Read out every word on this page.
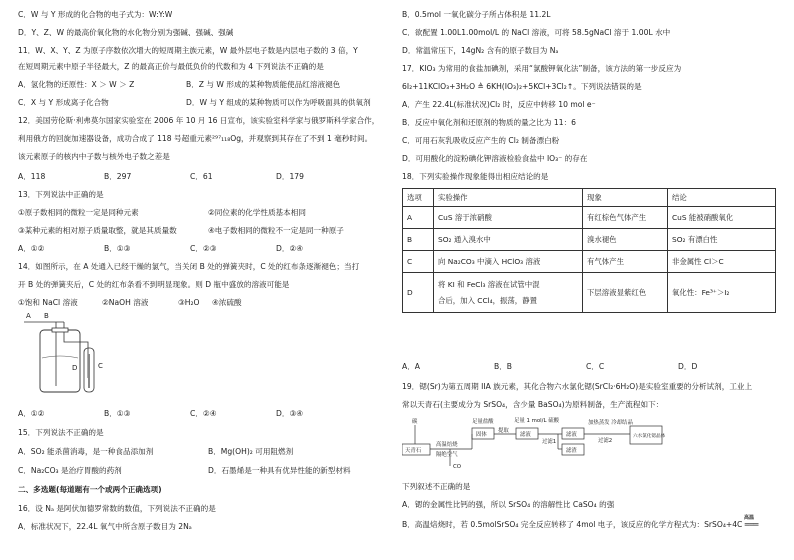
C．W 与 Y 形成的化合物的电子式为：W:Y:W
D．Y、Z、W 的最高价氧化物的水化物分别为强碱、强碱、强碱
11．W、X、Y、Z 为原子序数依次增大的短周期主族元素，W 最外层电子数是内层电子数的 3 倍，Y
在短周期元素中原子半径最大，Z 的最高正价与最低负价的代数和为 4 下列说法不正确的是
A．氢化物的还原性：X ＞ W ＞ Z	B．Z 与 W 形成的某种物质能使品红溶液褪色
C．X 与 Y 形成离子化合物	D．W 与 Y 组成的某种物质可以作为呼吸面具的供氧剂
12．美国劳伦斯·利弗莫尔国家实验室在 2006 年 10 月 16 日宣布，该实验室科学家与俄罗斯科学家合作，
利用俄方的回旋加速器设备，成功合成了 118 号超重元素²⁹⁷₁₁₈Og，并观察到其存在了不到 1 毫秒时间。
该元素原子的核内中子数与核外电子数之差是
A．118	B．297	C．61	D．179
13．下列说法中正确的是
①原子数相同的微粒一定是同种元素	②同位素的化学性质基本相同
③某种元素的相对原子质量取整，就是其质量数	④电子数相同的微粒不一定是同一种原子
A．①②	B．①③	C．②③	D．②④
14．如图所示，在 A 处通入已经干燥的氯气，当关闭 B 处的弹簧夹时，C 处的红布条逐渐褪色；当打
开 B 处的弹簧夹后，C 处的红布条看不到明显现象。则 D 瓶中盛放的溶液可能是
①饱和 NaCl 溶液	②NaOH 溶液	③H₂O ④浓硫酸
A B
C
D
A．①②	B．①③	C．②④	D．③④
15．下列说法不正确的是
A．SO₂ 能杀菌消毒，是一种食品添加剂	B．Mg(OH)₂ 可用阻燃剂
C．Na₂CO₃ 是治疗胃酸的药剂	D．石墨烯是一种具有优异性能的新型材料
二、多选题(每道题有一个或两个正确选项)
16．设 Nₐ 是阿伏加德罗常数的数值，下列说法不正确的是
A．标准状况下，22.4L 氧气中所含原子数目为 2Nₐ
B．0.5mol 一氧化碳分子所占体积是 11.2L
C．欲配置 1.00L1.00mol/L 的 NaCl 溶液，可将 58.5gNaCl 溶于 1.00L 水中
D．常温常压下，14gN₂ 含有的原子数目为 Nₐ
17．KIO₃ 为常用的食盐加碘剂，采用“氯酸钾氧化法”制备，该方法的第一步反应为
6I₂+11KClO₃+3H₂O ≜ 6KH(IO₃)₂+5KCl+3Cl₂↑。下列说法错误的是
A．产生 22.4L(标准状况)Cl₂ 时，反应中转移 10 mol e⁻
B．反应中氧化剂和还原剂的物质的量之比为 11：6
C．可用石灰乳吸收反应产生的 Cl₂ 制备漂白粉
D．可用酸化的淀粉碘化钾溶液检验食盐中 IO₃⁻ 的存在
18．下列实验操作现象能得出相应结论的是
选项	实验操作	现象	结论
A	CuS 溶于浓硝酸	有红棕色气体产生	CuS 能被硝酸氧化
B	SO₂ 通入溴水中	溴水褪色	SO₂ 有漂白性
C	向 Na₂CO₃ 中滴入 HClO₃ 溶液	有气体产生	非金属性 Cl＞C
D	将 KI 和 FeCl₃ 溶液在试管中混
合后，加入 CCl₄，振荡，静置	下层溶液显紫红色	氧化性：Fe³⁺＞I₂
A．A	B．B	C．C	D．D
19．锶(Sr)为第五周期 IIA 族元素，其化合物六水氯化锶(SrCl₂·6H₂O)是实验室重要的分析试剂，工业上
常以天青石(主要成分为 SrSO₄，含少量 BaSO₄)为原料制备，生产流程如下：
碳
天青石
高温焙烧
隔绝空气
CO
固体
足量盐酸
提取
滤液
足量 1 mol/L 硫酸
过滤1
滤渣
滤液
加热蒸发 冷却结晶
过滤2
六水氯化锶晶体
下列叙述不正确的是
A．锶的金属性比钙的强，所以 SrSO₄ 的溶解性比 CaSO₄ 的强
B．高温焙烧时，若 0.5molSrSO₄ 完全反应转移了 4mol 电子，该反应的化学方程式为：SrSO₄+4C ═══
高温
